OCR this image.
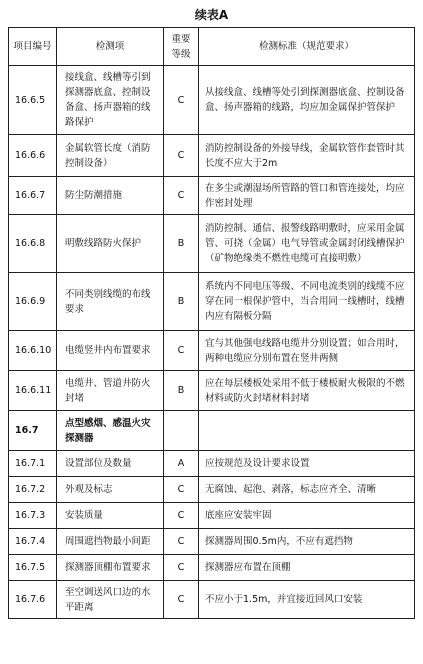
续表A
项目编号	检测项	重要等级	检测标准（规范要求）
16.6.5	接线盒、线槽等引到探测器底盒、控制设备盒、扬声器箱的线路保护	C	从接线盒、线槽等处引到探测器底盒、控制设备盒、扬声器箱的线路，均应加金属保护管保护
16.6.6	金属软管长度（消防控制设备）	C	消防控制设备的外接导线，金属软管作套管时其长度不应大于2m
16.6.7	防尘防潮措施	C	在多尘或潮湿场所管路的管口和管连接处，均应作密封处理
16.6.8	明敷线路防火保护	B	消防控制、通信、报警线路明敷时，应采用金属管、可挠（金属）电气导管或金属封闭线槽保护（矿物绝缘类不燃性电缆可直接明敷）
16.6.9	不同类别线缆的布线要求	B	系统内不同电压等级、不同电流类别的线缆不应穿在同一根保护管中，当合用同一线槽时，线槽内应有隔板分隔
16.6.10	电缆竖井内布置要求	C	宜与其他强电线路电缆井分别设置；如合用时，两种电缆应分别布置在竖井两侧
16.6.11	电缆井、管道井防火封堵	B	应在每层楼板处采用不低于楼板耐火极限的不燃材料或防火封堵材料封堵
16.7	点型感烟、感温火灾探测器		
16.7.1	设置部位及数量	A	应按规范及设计要求设置
16.7.2	外观及标志	C	无腐蚀、起泡、剥落，标志应齐全、清晰
16.7.3	安装质量	C	底座应安装牢固
16.7.4	周围遮挡物最小间距	C	探测器周围0.5m内，不应有遮挡物
16.7.5	探测器顶棚布置要求	C	探测器应布置在顶棚
16.7.6	至空调送风口边的水平距离	C	不应小于1.5m，并宜接近回风口安装
